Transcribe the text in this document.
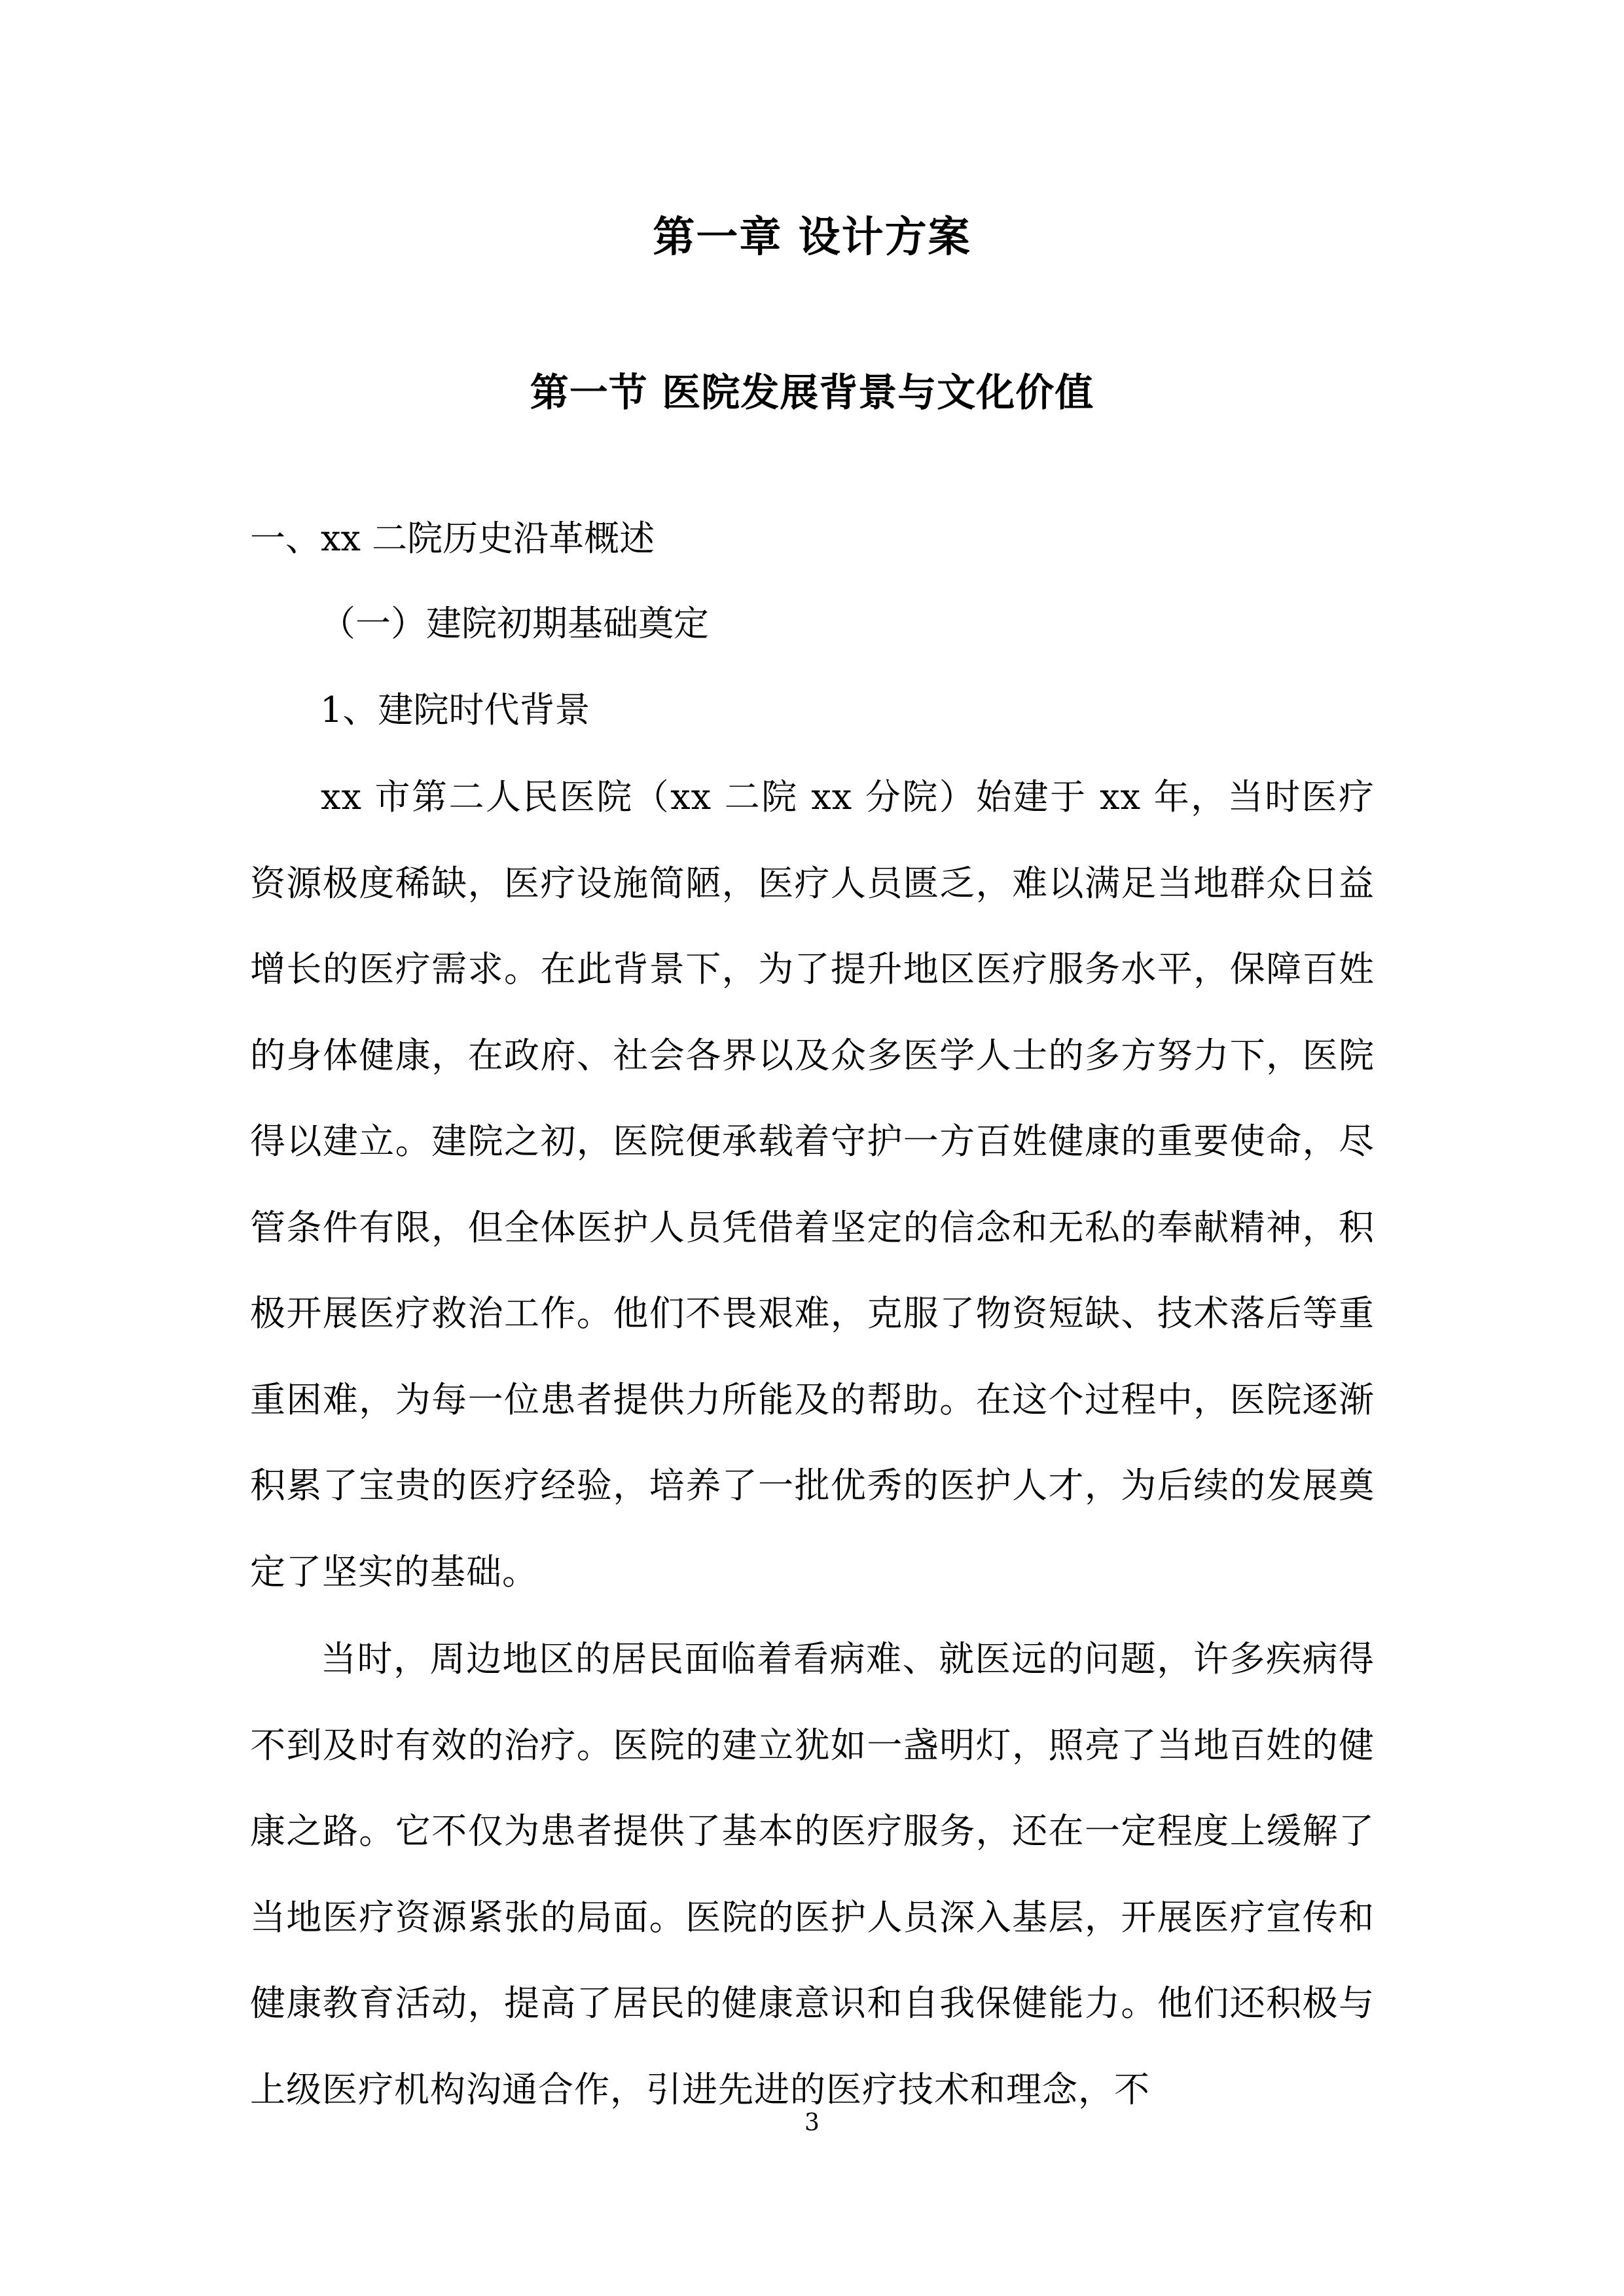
第一章 设计方案
第一节 医院发展背景与文化价值
一、xx 二院历史沿革概述
（一）建院初期基础奠定
1、建院时代背景

xx 市第二人民医院（xx 二院 xx 分院）始建于 xx 年，当时医疗资源极度稀缺，医疗设施简陋，医疗人员匮乏，难以满足当地群众日益增长的医疗需求。在此背景下，为了提升地区医疗服务水平，保障百姓的身体健康，在政府、社会各界以及众多医学人士的多方努力下，医院得以建立。建院之初，医院便承载着守护一方百姓健康的重要使命，尽管条件有限，但全体医护人员凭借着坚定的信念和无私的奉献精神，积极开展医疗救治工作。他们不畏艰难，克服了物资短缺、技术落后等重重困难，为每一位患者提供力所能及的帮助。在这个过程中，医院逐渐积累了宝贵的医疗经验，培养了一批优秀的医护人才，为后续的发展奠定了坚实的基础。

当时，周边地区的居民面临着看病难、就医远的问题，许多疾病得不到及时有效的治疗。医院的建立犹如一盏明灯，照亮了当地百姓的健康之路。它不仅为患者提供了基本的医疗服务，还在一定程度上缓解了当地医疗资源紧张的局面。医院的医护人员深入基层，开展医疗宣传和健康教育活动，提高了居民的健康意识和自我保健能力。他们还积极与上级医疗机构沟通合作，引进先进的医疗技术和理念，不

3
